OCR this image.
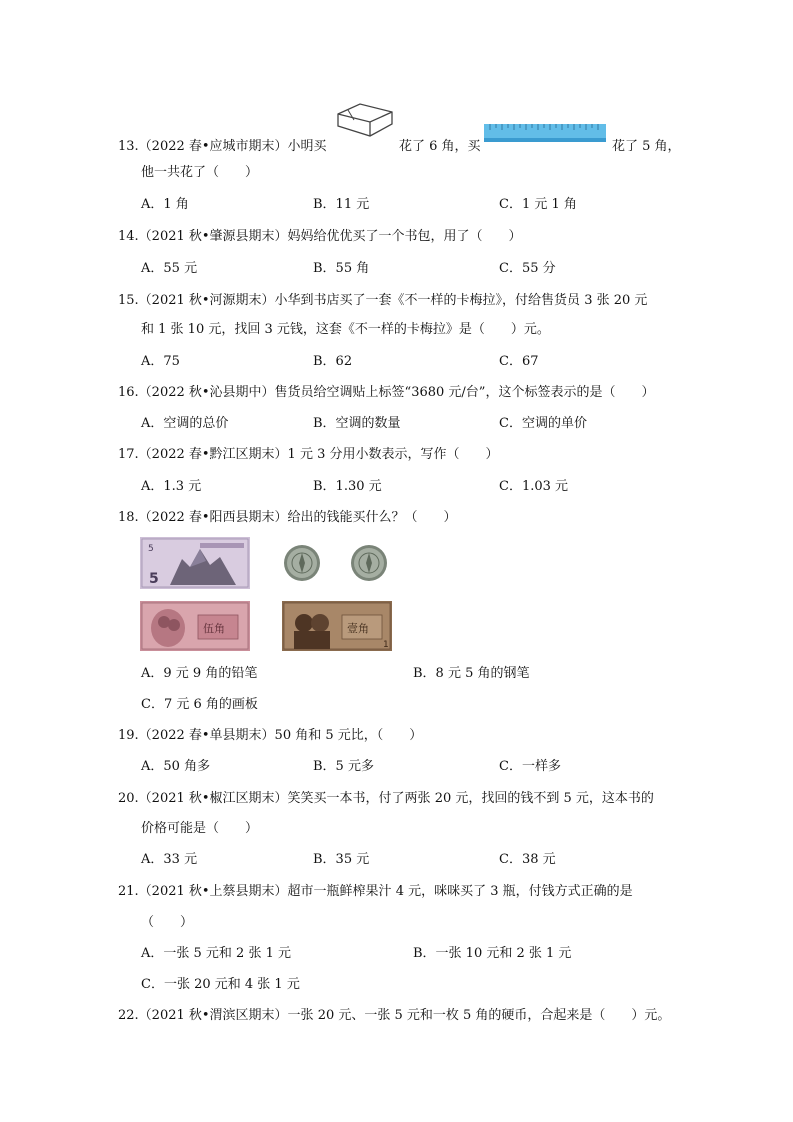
13.（2022 春•应城市期末）小明买	花了 6 角，买	花了 5 角，
他一共花了（　　）
A．1 角	B．11 元	C．1 元 1 角
14.（2021 秋•肇源县期末）妈妈给优优买了一个书包，用了（　　）
A．55 元	B．55 角	C．55 分
15.（2021 秋•河源期末）小华到书店买了一套《不一样的卡梅拉》，付给售货员 3 张 20 元
和 1 张 10 元，找回 3 元钱，这套《不一样的卡梅拉》是（　　）元。
A．75	B．62	C．67
16.（2022 秋•沁县期中）售货员给空调贴上标签“3680 元/台”，这个标签表示的是（　　）
A．空调的总价	B．空调的数量	C．空调的单价
17.（2022 春•黔江区期末）1 元 3 分用小数表示，写作（　　）
A．1.3 元	B．1.30 元	C．1.03 元
18.（2022 春•阳西县期末）给出的钱能买什么？（　　）
5
5
伍角	壹角
1
A．9 元 9 角的铅笔	B．8 元 5 角的钢笔
C．7 元 6 角的画板
19.（2022 春•单县期末）50 角和 5 元比，（　　）
A．50 角多	B．5 元多	C．一样多
20.（2021 秋•椒江区期末）笑笑买一本书，付了两张 20 元，找回的钱不到 5 元，这本书的
价格可能是（　　）
A．33 元	B．35 元	C．38 元
21.（2021 秋•上蔡县期末）超市一瓶鲜榨果汁 4 元，咪咪买了 3 瓶，付钱方式正确的是
（　　）
A．一张 5 元和 2 张 1 元	B．一张 10 元和 2 张 1 元
C．一张 20 元和 4 张 1 元
22.（2021 秋•渭滨区期末）一张 20 元、一张 5 元和一枚 5 角的硬币，合起来是（　　）元。
